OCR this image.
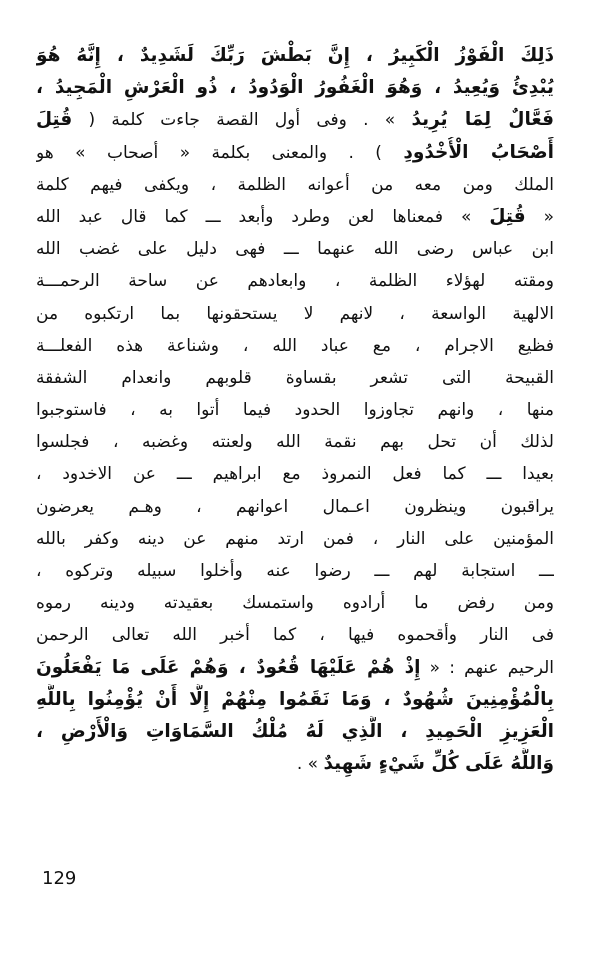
ذَلِكَ الْفَوْزُ الْكَبِيرُ ، إِنَّ بَطْشَ رَبِّكَ لَشَدِيدٌ ، إِنَّهُ هُوَ
يُبْدِئُ وَيُعِيدُ ، وَهُوَ الْغَفُورُ الْوَدُودُ ، ذُو الْعَرْشِ الْمَجِيدُ ،
فَعَّالٌ لِمَا يُرِيدُ » . وفى أول القصة جاءت كلمة ( قُتِلَ
أَصْحَابُ الْأُخْدُودِ ) . والمعنى بكلمة « أصحاب » هو
الملك ومن معه من أعوانه الظلمة ، ويكفى فيهم كلمة
« قُتِلَ » فمعناها لعن وطرد وأبعد ـــ كما قال عبد الله
ابن عباس رضى الله عنهما ـــ فهى دليل على غضب الله
ومقته لهؤلاء الظلمة ، وابعادهم عن ساحة الرحمـــة
الالهية الواسعة ، لانهم لا يستحقونها بما ارتكبوه من
فظيع الاجرام ، مع عباد الله ، وشناعة هذه الفعلـــة
القبيحة التى تشعر بقساوة قلوبهم وانعدام الشفقة
منها ، وانهم تجاوزوا الحدود فيما أتوا به ، فاستوجبوا
لذلك أن تحل بهم نقمة الله ولعنته وغضبه ، فجلسوا
بعيدا ـــ كما فعل النمروذ مع ابراهيم ـــ عن الاخدود ،
يراقبون وينظرون اعـمال اعوانهم ، وهـم يعرضون
المؤمنين على النار ، فمن ارتد منهم عن دينه وكفر بالله
ـــ استجابة لهم ـــ رضوا عنه وأخلوا سبيله وتركوه ،
ومن رفض ما أرادوه واستمسك بعقيدته ودينه رموه
فى النار وأقحموه فيها ، كما أخبر الله تعالى الرحمن
الرحيم عنهم : « إِذْ هُمْ عَلَيْهَا قُعُودٌ ، وَهُمْ عَلَى مَا يَفْعَلُونَ
بِالْمُؤْمِنِينَ شُهُودٌ ، وَمَا نَقَمُوا مِنْهُمْ إِلَّا أَنْ يُؤْمِنُوا بِاللَّهِ
الْعَزِيزِ الْحَمِيدِ ، الَّذِي لَهُ مُلْكُ السَّمَاوَاتِ وَالْأَرْضِ ،
وَاللَّهُ عَلَى كُلِّ شَيْءٍ شَهِيدٌ » .
129
